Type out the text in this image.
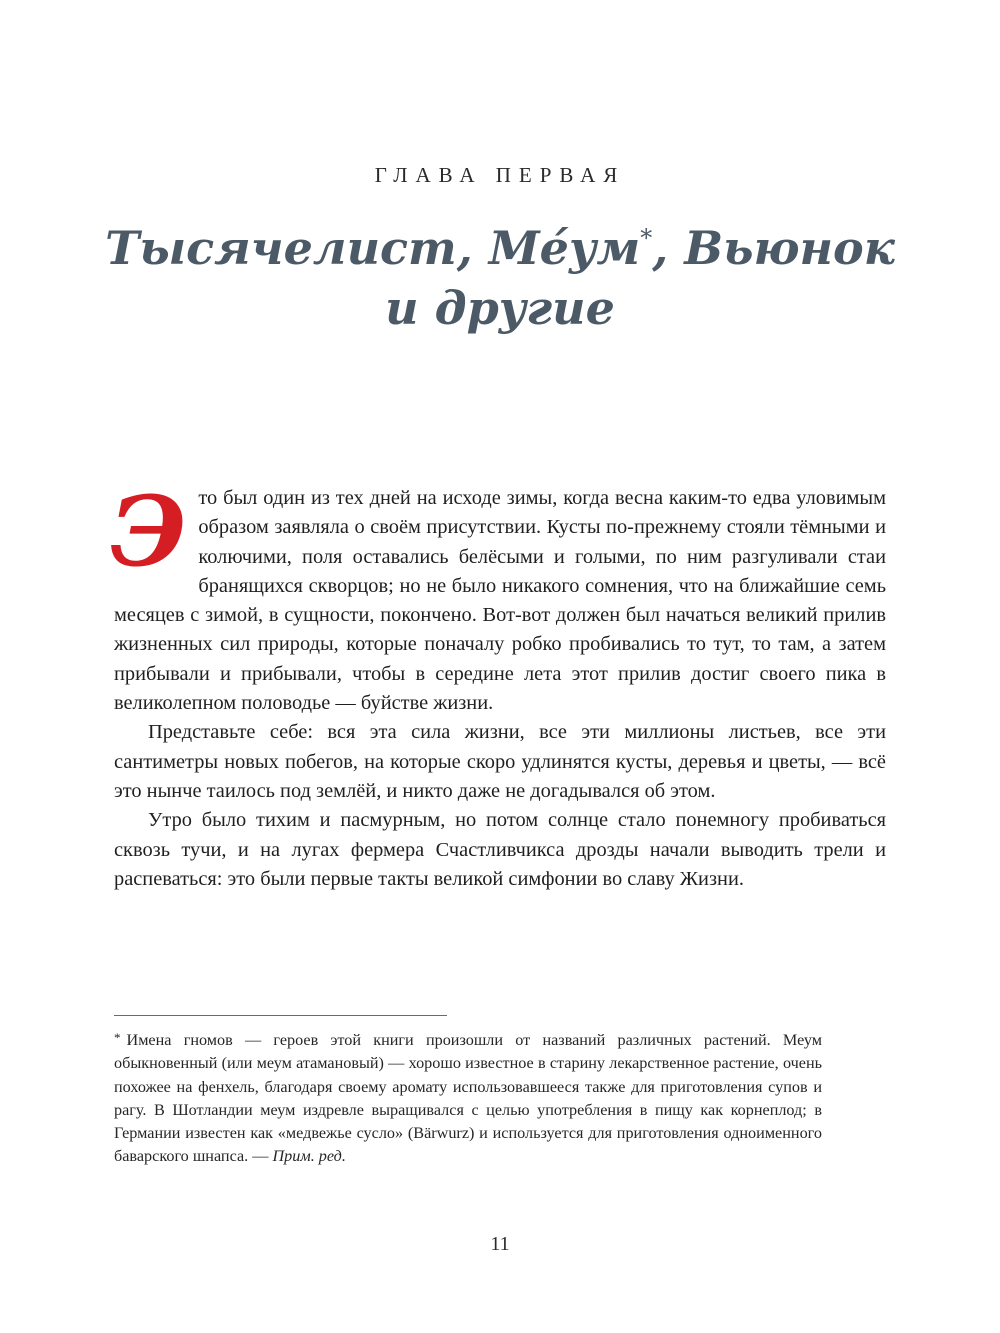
ГЛАВА ПЕРВАЯ
Тысячелист, Ме́ум*, Вьюнок
и другие

Это был один из тех дней на исходе зимы, когда весна каким-то едва уловимым образом заявляла о своём присутствии. Кусты по-прежнему стояли тёмными и колючими, поля оставались белёсыми и голыми, по ним разгуливали стаи бранящихся скворцов; но не было никакого сомнения, что на ближайшие семь месяцев с зимой, в сущности, покончено. Вот-вот должен был начаться великий прилив жизненных сил природы, которые поначалу робко пробивались то тут, то там, а затем прибывали и прибывали, чтобы в середине лета этот прилив достиг своего пика в великолепном половодье — буйстве жизни.

Представьте себе: вся эта сила жизни, все эти миллионы листьев, все эти сантиметры новых побегов, на которые скоро удлинятся кусты, деревья и цветы, — всё это нынче таилось под землёй, и никто даже не догадывался об этом.

Утро было тихим и пасмурным, но потом солнце стало понемногу пробиваться сквозь тучи, и на лугах фермера Счастливчикса дрозды начали выводить трели и распеваться: это были первые такты великой симфонии во славу Жизни.

* Имена гномов — героев этой книги произошли от названий различных растений. Меум обыкновенный (или меум атамановый) — хорошо известное в старину лекарственное растение, очень похожее на фенхель, благодаря своему аромату использовавшееся также для приготовления супов и рагу. В Шотландии меум издревле выращивался с целью употребления в пищу как корнеплод; в Германии известен как «медвежье сусло» (Bärwurz) и используется для приготовления одноименного баварского шнапса. — Прим. ред.
11
